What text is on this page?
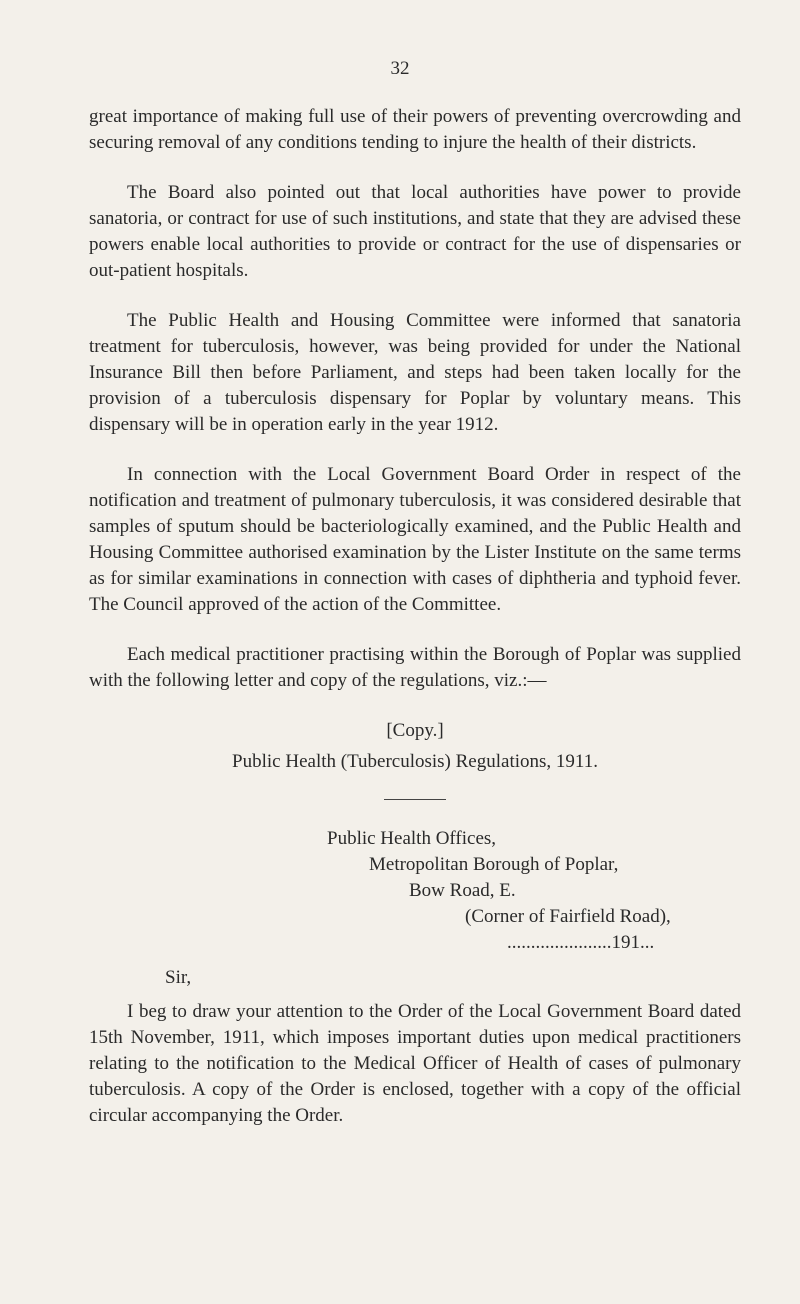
32

great importance of making full use of their powers of preventing overcrowding and securing removal of any conditions tending to injure the health of their districts.

The Board also pointed out that local authorities have power to provide sanatoria, or contract for use of such institutions, and state that they are advised these powers enable local authorities to provide or contract for the use of dispensaries or out-patient hospitals.

The Public Health and Housing Committee were informed that sanatoria treatment for tuberculosis, however, was being provided for under the National Insurance Bill then before Parliament, and steps had been taken locally for the provision of a tuberculosis dispensary for Poplar by voluntary means. This dispensary will be in operation early in the year 1912.

In connection with the Local Government Board Order in respect of the notification and treatment of pulmonary tuberculosis, it was considered desirable that samples of sputum should be bacteriologically examined, and the Public Health and Housing Committee authorised examination by the Lister Institute on the same terms as for similar examinations in connection with cases of diphtheria and typhoid fever. The Council approved of the action of the Committee.

Each medical practitioner practising within the Borough of Poplar was supplied with the following letter and copy of the regulations, viz.:—

[Copy.]

Public Health (Tuberculosis) Regulations, 1911.

Public Health Offices,

Metropolitan Borough of Poplar,

Bow Road, E.

(Corner of Fairfield Road),

......................191...

Sir,

I beg to draw your attention to the Order of the Local Government Board dated 15th November, 1911, which imposes important duties upon medical practitioners relating to the notification to the Medical Officer of Health of cases of pulmonary tuberculosis. A copy of the Order is enclosed, together with a copy of the official circular accompanying the Order.
